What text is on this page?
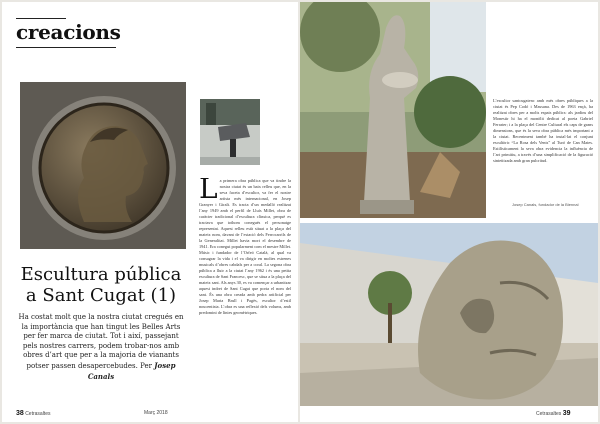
creacions
Escultura pública
a Sant Cugat (1)
Ha costat molt que la nostra ciutat cregués en la importància que han tingut les Belles Arts per fer marca de ciutat. Tot i així, passejant pels nostres carrers, podem trobar-nos amb obres d’art que per a la majoria de vianants potser passen desapercebudes. Per Josep Canals
L a primera obra pública que va tindre la nostra ciutat és un baix relleu que, en la seva faceta d’escultor, va fer el nostre artista més internacional, en Josep Granyer i Giralt. Es tracta d’un medalló realitzat l’any 1949 amb el perfil de Lluís Millet, obra de caràcter tradicional d’escultura clàssica, perquè es tractava que tothom conegués el personatge representat. Aquest relleu està situat a la plaça del mateix nom, davant de l’estació dels Ferrocarrils de la Generalitat. Millet havia mort el desembre de 1941. Era conegut popularment com el mestre Millet. Músic i fundador de l’Orfeó Català, al qual va consagrar la vida i el va dirigir en moltes estrenes musicals d’obres cabdals per a coral. La segona obra pública a lluir a la ciutat l’any 1962 i és una petita escultura de Sant Francesc, que se situa a la plaça del mateix sant. Als anys 30, es va començar a urbanitzar aquest indret de Sant Cugat que porta el nom del sant. És una obra creada amb pedra artificial per Josep Maria Brull i Pagès, escultor d’estil noucentista. L’obra es una reflexió dels volums, amb predomini de línies geomètriques.
38 Cetrasaltes	Març 2018
L’escultor santcugatenc amb més obres públiques a la ciutat és Pep Codó i Massana. Des de 1963 ençà, ha realitzat obres per a molts espais públics: als jardins del Monestir hi ha el monòlit dedicat al poeta Gabriel Ferrater; i a la plaça del Centre Cultural els caps de grans dimensions, que és la seva obra pública més important a la ciutat. Recentment també ha instal·lat el conjunt escultòric “La Rosa dels Vents” al Turó de Can Mates. Estilísticament la seva obra evidencia la influència de l’art primitiu, a través d’una simplificació de la figuració sintetitzada amb gran pulcritud.
Josep Canals, fundador de la Biennal
Cetrasaltes 39
